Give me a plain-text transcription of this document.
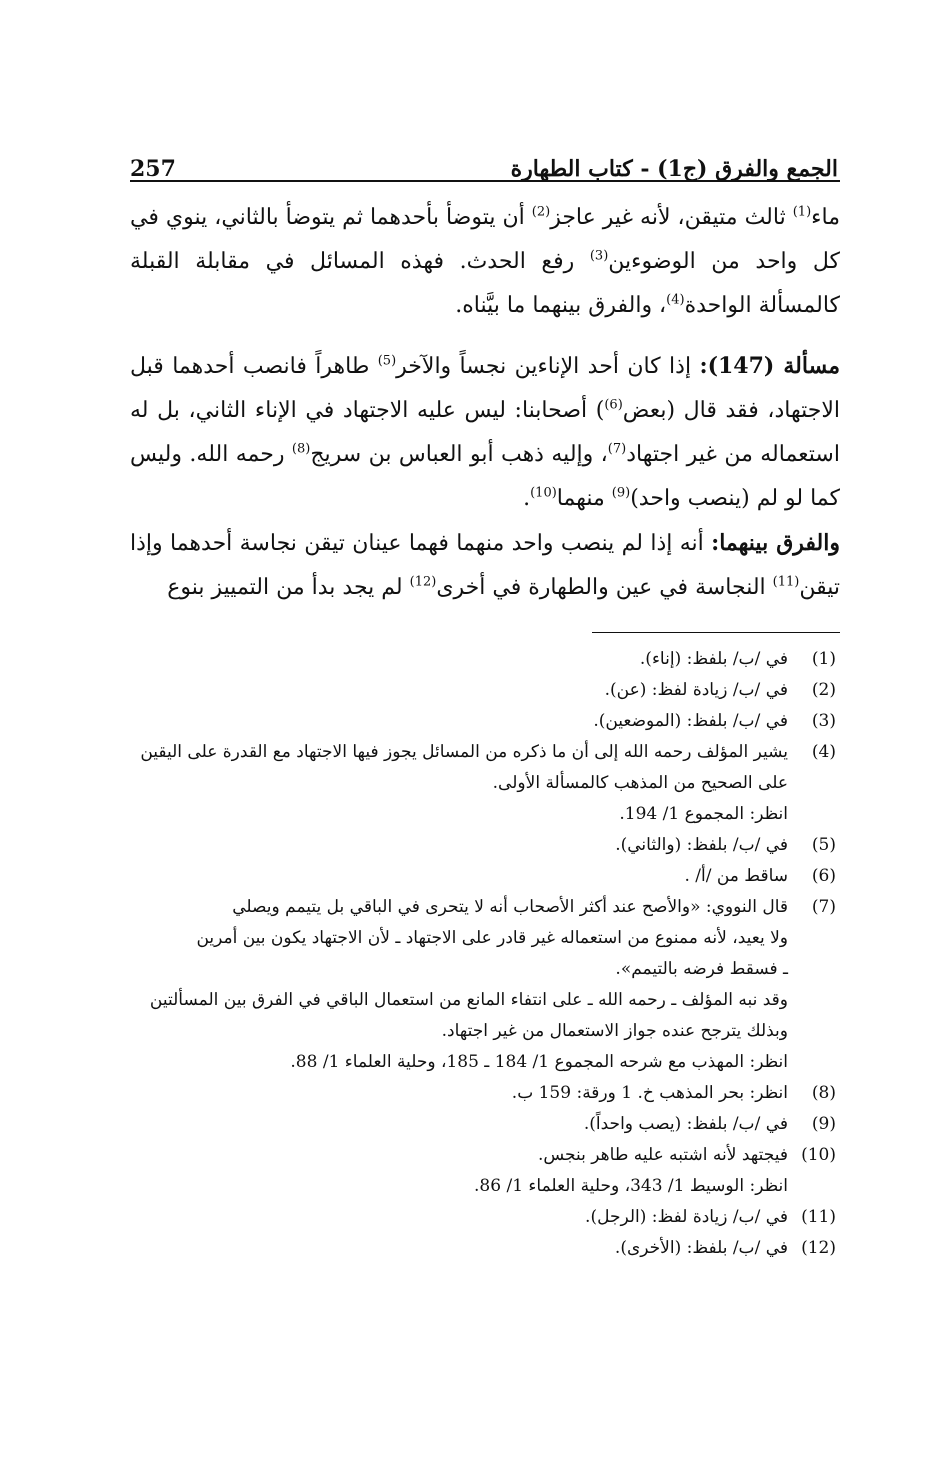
257	الجمع والفرق (ج1) - كتاب الطهارة

ماء$^{(1)}$ ثالث متيقن، لأنه غير عاجز$^{(2)}$ أن يتوضأ بأحدهما ثم يتوضأ بالثاني، ينوي في كل واحد من الوضوءين$^{(3)}$ رفع الحدث. فهذه المسائل في مقابلة القبلة كالمسألة الواحدة$^{(4)}$، والفرق بينهما ما بيَّناه.

مسألة (147): إذا كان أحد الإناءين نجساً والآخر$^{(5)}$ طاهراً فانصب أحدهما قبل الاجتهاد، فقد قال (بعض$^{(6)}$) أصحابنا: ليس عليه الاجتهاد في الإناء الثاني، بل له استعماله من غير اجتهاد$^{(7)}$، وإليه ذهب أبو العباس بن سريج$^{(8)}$ رحمه الله. وليس كما لو لم (ينصب واحد)$^{(9)}$ منهما$^{(10)}$.

والفرق بينهما: أنه إذا لم ينصب واحد منهما فهما عينان تيقن نجاسة أحدهما وإذا تيقن$^{(11)}$ النجاسة في عين والطهارة في أخرى$^{(12)}$ لم يجد بدأ من التمييز بنوع

(1)
في /ب/ بلفظ: (إناء).
(2)
في /ب/ زيادة لفظ: (عن).
(3)
في /ب/ بلفظ: (الموضعين).
(4)
يشير المؤلف رحمه الله إلى أن ما ذكره من المسائل يجوز فيها الاجتهاد مع القدرة على اليقين
على الصحيح من المذهب كالمسألة الأولى.
انظر: المجموع 1/ 194.
(5)
في /ب/ بلفظ: (والثاني).
(6)
ساقط من /أ/ .
(7)
قال النووي: «والأصح عند أكثر الأصحاب أنه لا يتحرى في الباقي بل يتيمم ويصلي
ولا يعيد، لأنه ممنوع من استعماله غير قادر على الاجتهاد ـ لأن الاجتهاد يكون بين أمرين
ـ فسقط فرضه بالتيمم».
وقد نبه المؤلف ـ رحمه الله ـ على انتفاء المانع من استعمال الباقي في الفرق بين المسألتين
وبذلك يترجح عنده جواز الاستعمال من غير اجتهاد.
انظر: المهذب مع شرحه المجموع 1/ 184 ـ 185، وحلية العلماء 1/ 88.
(8)
انظر: بحر المذهب خ. 1 ورقة: 159 ب.
(9)
في /ب/ بلفظ: (يصب واحداً).
(10)
فيجتهد لأنه اشتبه عليه طاهر بنجس.
انظر: الوسيط 1/ 343، وحلية العلماء 1/ 86.
(11)
في /ب/ زيادة لفظ: (الرجل).
(12)
في /ب/ بلفظ: (الأخرى).
